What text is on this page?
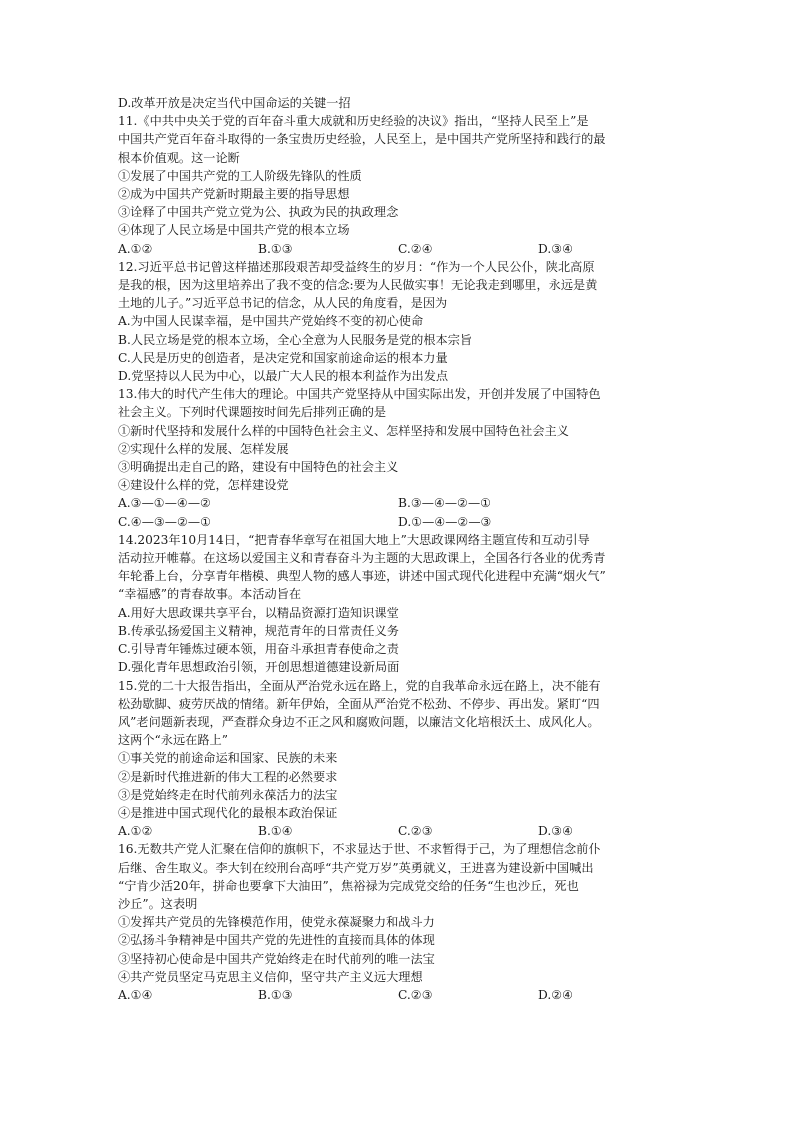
D.改革开放是决定当代中国命运的关键一招
11.《中共中央关于党的百年奋斗重大成就和历史经验的决议》指出，“坚持人民至上”是
中国共产党百年奋斗取得的一条宝贵历史经验，人民至上，是中国共产党所坚持和践行的最
根本价值观。这一论断
①发展了中国共产党的工人阶级先锋队的性质
②成为中国共产党新时期最主要的指导思想
③诠释了中国共产党立党为公、执政为民的执政理念
④体现了人民立场是中国共产党的根本立场
A.①②	B.①③	C.②④	D.③④
12.习近平总书记曾这样描述那段艰苦却受益终生的岁月：“作为一个人民公仆，陕北高原
是我的根，因为这里培养出了我不变的信念:要为人民做实事！无论我走到哪里，永远是黄
土地的儿子。”习近平总书记的信念，从人民的角度看，是因为
A.为中国人民谋幸福，是中国共产党始终不变的初心使命
B.人民立场是党的根本立场，全心全意为人民服务是党的根本宗旨
C.人民是历史的创造者，是决定党和国家前途命运的根本力量
D.党坚持以人民为中心，以最广大人民的根本利益作为出发点
13.伟大的时代产生伟大的理论。中国共产党坚持从中国实际出发，开创并发展了中国特色
社会主义。下列时代课题按时间先后排列正确的是
①新时代坚持和发展什么样的中国特色社会主义、怎样坚持和发展中国特色社会主义
②实现什么样的发展、怎样发展
③明确提出走自己的路，建设有中国特色的社会主义
④建设什么样的党，怎样建设党
A.③—①—④—②	B.③—④—②—①
C.④—③—②—①	D.①—④—②—③
14.2023年10月14日，“把青春华章写在祖国大地上”大思政课网络主题宣传和互动引导
活动拉开帷幕。在这场以爱国主义和青春奋斗为主题的大思政课上，全国各行各业的优秀青
年轮番上台，分享青年楷模、典型人物的感人事迹，讲述中国式现代化进程中充满“烟火气”
“幸福感”的青春故事。本活动旨在
A.用好大思政课共享平台，以精品资源打造知识课堂
B.传承弘扬爱国主义精神，规范青年的日常责任义务
C.引导青年锤炼过硬本领，用奋斗承担青春使命之责
D.强化青年思想政治引领，开创思想道德建设新局面
15.党的二十大报告指出，全面从严治党永远在路上，党的自我革命永远在路上，决不能有
松劲歇脚、疲劳厌战的情绪。新年伊始，全面从严治党不松劲、不停步、再出发。紧盯“四
风”老问题新表现，严查群众身边不正之风和腐败问题，以廉洁文化培根沃土、成风化人。
这两个“永远在路上”
①事关党的前途命运和国家、民族的未来
②是新时代推进新的伟大工程的必然要求
③是党始终走在时代前列永葆活力的法宝
④是推进中国式现代化的最根本政治保证
A.①②	B.①④	C.②③	D.③④
16.无数共产党人汇聚在信仰的旗帜下，不求显达于世、不求暂得于己，为了理想信念前仆
后继、舍生取义。李大钊在绞刑台高呼“共产党万岁”英勇就义，王进喜为建设新中国喊出
“宁肯少活20年，拼命也要拿下大油田”，焦裕禄为完成党交给的任务“生也沙丘，死也
沙丘”。这表明
①发挥共产党员的先锋模范作用，使党永葆凝聚力和战斗力
②弘扬斗争精神是中国共产党的先进性的直接而具体的体现
③坚持初心使命是中国共产党始终走在时代前列的唯一法宝
④共产党员坚定马克思主义信仰，坚守共产主义远大理想
A.①④	B.①③	C.②③	D.②④
